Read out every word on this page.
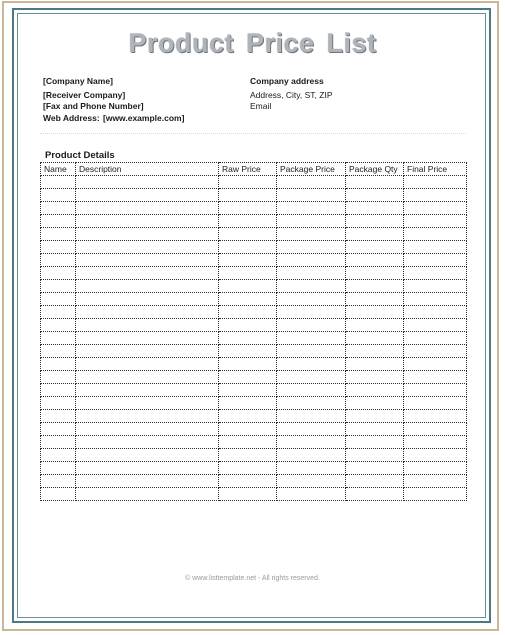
Product Price List
[Company Name]
[Receiver Company]
[Fax and Phone Number]
Web Address: [www.example.com]
Company address
Address, City, ST, ZIP
Email
Product Details
Name	Description	Raw Price	Package Price	Package Qty	Final Price

© www.listtemplate.net - All rights reserved.
